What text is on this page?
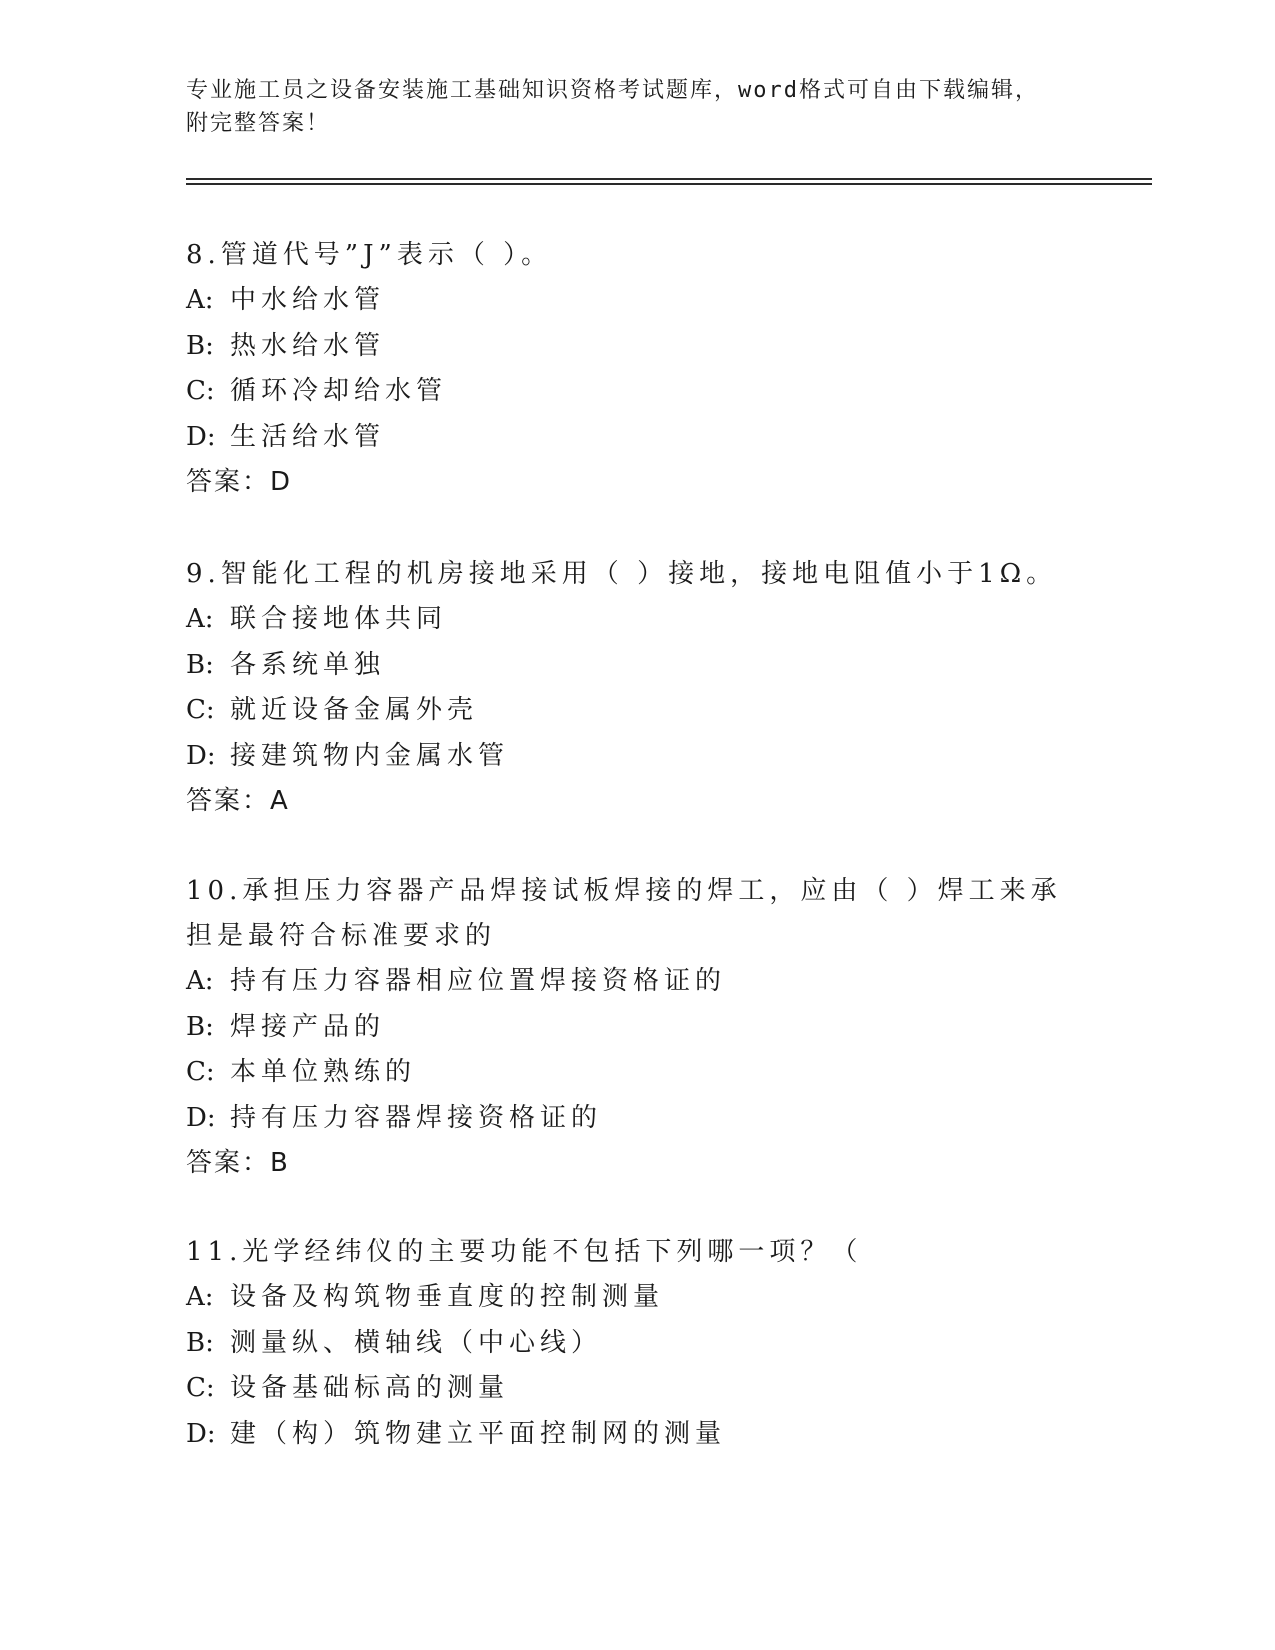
专业施工员之设备安装施工基础知识资格考试题库，word格式可自由下载编辑，
附完整答案！

8.管道代号”J”表示（ ）。

A: 中水给水管
B: 热水给水管
C: 循环冷却给水管
D: 生活给水管
答案：D

9.智能化工程的机房接地采用（ ）接地，接地电阻值小于1Ω。

A: 联合接地体共同
B: 各系统单独
C: 就近设备金属外壳
D: 接建筑物内金属水管
答案：A

10.承担压力容器产品焊接试板焊接的焊工，应由（ ）焊工来承担是最符合标准要求的

A: 持有压力容器相应位置焊接资格证的
B: 焊接产品的
C: 本单位熟练的
D: 持有压力容器焊接资格证的
答案：B

11.光学经纬仪的主要功能不包括下列哪一项？（

A: 设备及构筑物垂直度的控制测量
B: 测量纵、横轴线（中心线）
C: 设备基础标高的测量
D: 建（构）筑物建立平面控制网的测量
